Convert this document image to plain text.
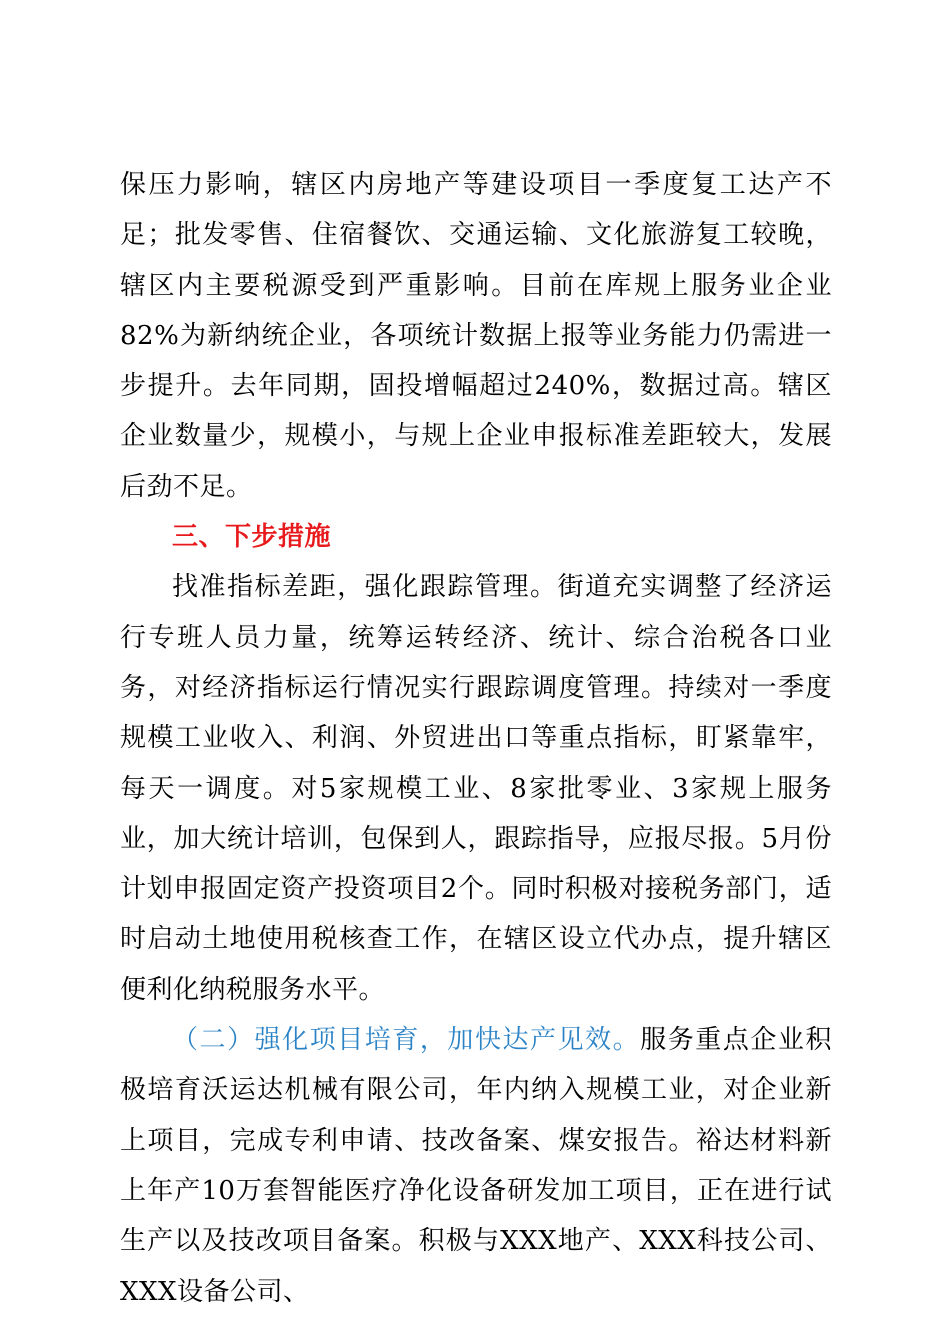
保压力影响，辖区内房地产等建设项目一季度复工达产不足；批发零售、住宿餐饮、交通运输、文化旅游复工较晚，辖区内主要税源受到严重影响。目前在库规上服务业企业82%为新纳统企业，各项统计数据上报等业务能力仍需进一步提升。去年同期，固投增幅超过240%，数据过高。辖区企业数量少，规模小，与规上企业申报标准差距较大，发展后劲不足。

三、下步措施

找准指标差距，强化跟踪管理。街道充实调整了经济运行专班人员力量，统筹运转经济、统计、综合治税各口业务，对经济指标运行情况实行跟踪调度管理。持续对一季度规模工业收入、利润、外贸进出口等重点指标，盯紧靠牢，每天一调度。对5家规模工业、8家批零业、3家规上服务业，加大统计培训，包保到人，跟踪指导，应报尽报。5月份计划申报固定资产投资项目2个。同时积极对接税务部门，适时启动土地使用税核查工作，在辖区设立代办点，提升辖区便利化纳税服务水平。

（二）强化项目培育，加快达产见效。服务重点企业积极培育沃运达机械有限公司，年内纳入规模工业，对企业新上项目，完成专利申请、技改备案、煤安报告。裕达材料新上年产10万套智能医疗净化设备研发加工项目，正在进行试生产以及技改项目备案。积极与XXX地产、XXX科技公司、XXX设备公司、
